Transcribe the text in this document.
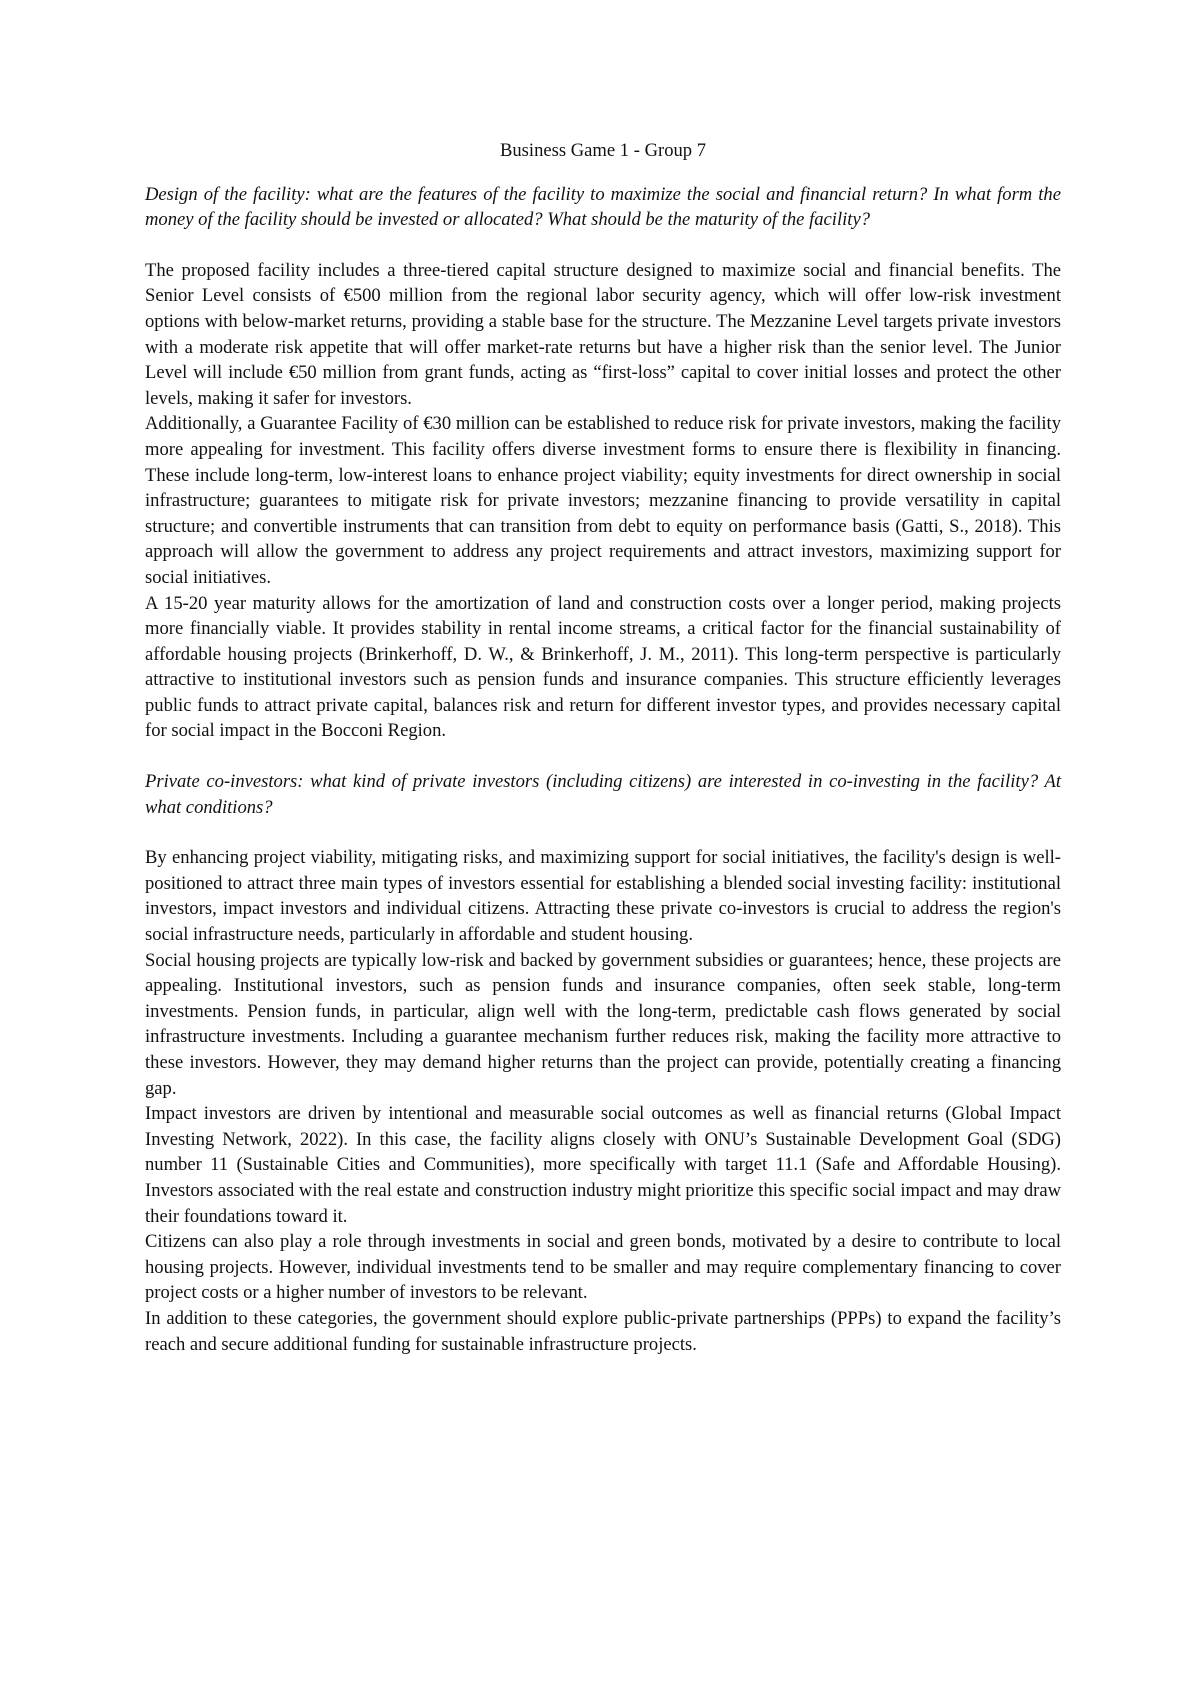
Business Game 1 - Group 7
Design of the facility: what are the features of the facility to maximize the social and financial return? In what form the money of the facility should be invested or allocated? What should be the maturity of the facility?

The proposed facility includes a three-tiered capital structure designed to maximize social and financial benefits. The Senior Level consists of €500 million from the regional labor security agency, which will offer low-risk investment options with below-market returns, providing a stable base for the structure. The Mezzanine Level targets private investors with a moderate risk appetite that will offer market-rate returns but have a higher risk than the senior level. The Junior Level will include €50 million from grant funds, acting as “first-loss” capital to cover initial losses and protect the other levels, making it safer for investors.

Additionally, a Guarantee Facility of €30 million can be established to reduce risk for private investors, making the facility more appealing for investment. This facility offers diverse investment forms to ensure there is flexibility in financing. These include long-term, low-interest loans to enhance project viability; equity investments for direct ownership in social infrastructure; guarantees to mitigate risk for private investors; mezzanine financing to provide versatility in capital structure; and convertible instruments that can transition from debt to equity on performance basis (Gatti, S., 2018). This approach will allow the government to address any project requirements and attract investors, maximizing support for social initiatives.

A 15-20 year maturity allows for the amortization of land and construction costs over a longer period, making projects more financially viable. It provides stability in rental income streams, a critical factor for the financial sustainability of affordable housing projects (Brinkerhoff, D. W., & Brinkerhoff, J. M., 2011). This long-term perspective is particularly attractive to institutional investors such as pension funds and insurance companies. This structure efficiently leverages public funds to attract private capital, balances risk and return for different investor types, and provides necessary capital for social impact in the Bocconi Region.

Private co-investors: what kind of private investors (including citizens) are interested in co-investing in the facility? At what conditions?

By enhancing project viability, mitigating risks, and maximizing support for social initiatives, the facility's design is well-positioned to attract three main types of investors essential for establishing a blended social investing facility: institutional investors, impact investors and individual citizens. Attracting these private co-investors is crucial to address the region's social infrastructure needs, particularly in affordable and student housing.

Social housing projects are typically low-risk and backed by government subsidies or guarantees; hence, these projects are appealing. Institutional investors, such as pension funds and insurance companies, often seek stable, long-term investments. Pension funds, in particular, align well with the long-term, predictable cash flows generated by social infrastructure investments. Including a guarantee mechanism further reduces risk, making the facility more attractive to these investors. However, they may demand higher returns than the project can provide, potentially creating a financing gap.

Impact investors are driven by intentional and measurable social outcomes as well as financial returns (Global Impact Investing Network, 2022). In this case, the facility aligns closely with ONU’s Sustainable Development Goal (SDG) number 11 (Sustainable Cities and Communities), more specifically with target 11.1 (Safe and Affordable Housing). Investors associated with the real estate and construction industry might prioritize this specific social impact and may draw their foundations toward it.

Citizens can also play a role through investments in social and green bonds, motivated by a desire to contribute to local housing projects. However, individual investments tend to be smaller and may require complementary financing to cover project costs or a higher number of investors to be relevant.

In addition to these categories, the government should explore public-private partnerships (PPPs) to expand the facility’s reach and secure additional funding for sustainable infrastructure projects.
